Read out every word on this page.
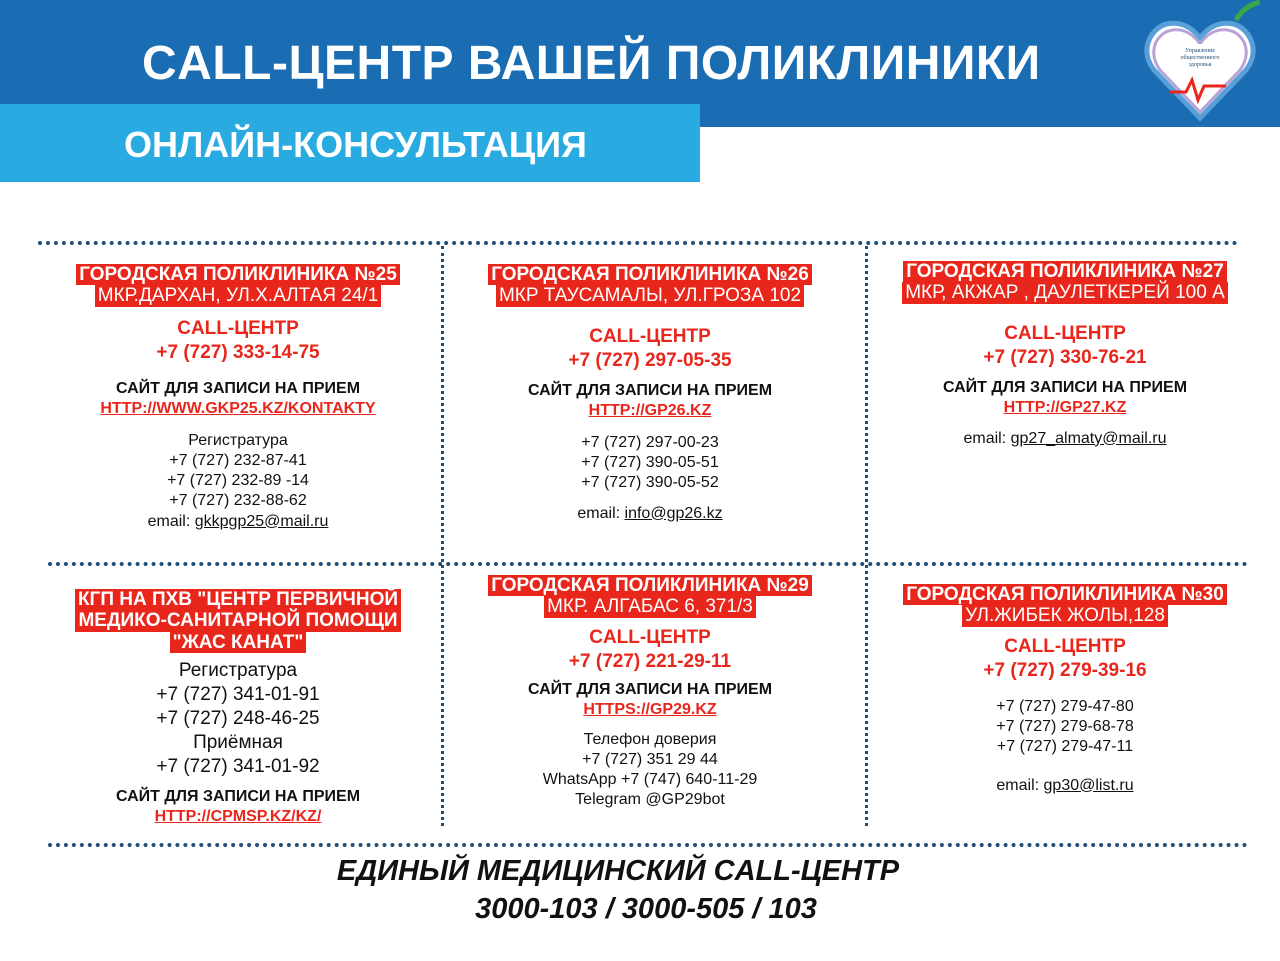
CALL-ЦЕНТР ВАШЕЙ ПОЛИКЛИНИКИ
ОНЛАЙН-КОНСУЛЬТАЦИЯ
Управление
общественного
здоровья
ГОРОДСКАЯ ПОЛИКЛИНИКА №25
МКР.ДАРХАН, УЛ.Х.АЛТАЯ 24/1
CALL-ЦЕНТР
+7 (727) 333-14-75
САЙТ ДЛЯ ЗАПИСИ НА ПРИЕМ
HTTP://WWW.GKP25.KZ/KONTAKTY
Регистратура
+7 (727) 232-87-41
+7 (727) 232-89 -14
+7 (727) 232-88-62
email: gkkpgp25@mail.ru
ГОРОДСКАЯ ПОЛИКЛИНИКА №26
МКР ТАУСАМАЛЫ, УЛ.ГРОЗА 102
CALL-ЦЕНТР
+7 (727) 297-05-35
САЙТ ДЛЯ ЗАПИСИ НА ПРИЕМ
HTTP://GP26.KZ
+7 (727) 297-00-23
+7 (727) 390-05-51
+7 (727) 390-05-52
email: info@gp26.kz
ГОРОДСКАЯ ПОЛИКЛИНИКА №27
МКР, АКЖАР , ДАУЛЕТКЕРЕЙ 100 А
CALL-ЦЕНТР
+7 (727) 330-76-21
САЙТ ДЛЯ ЗАПИСИ НА ПРИЕМ
HTTP://GP27.KZ
email: gp27_almaty@mail.ru
КГП НА ПХВ "ЦЕНТР ПЕРВИЧНОЙ
МЕДИКО-САНИТАРНОЙ ПОМОЩИ
"ЖАС КАНАТ"
Регистратура
+7 (727) 341-01-91
+7 (727) 248-46-25
Приёмная
+7 (727) 341-01-92
САЙТ ДЛЯ ЗАПИСИ НА ПРИЕМ
HTTP://CPMSP.KZ/KZ/
ГОРОДСКАЯ ПОЛИКЛИНИКА №29
МКР. АЛГАБАС 6, 371/3
CALL-ЦЕНТР
+7 (727) 221-29-11
САЙТ ДЛЯ ЗАПИСИ НА ПРИЕМ
HTTPS://GP29.KZ
Телефон доверия
+7 (727) 351 29 44
WhatsApp +7 (747) 640-11-29
Telegram @GP29bot
ГОРОДСКАЯ ПОЛИКЛИНИКА №30
УЛ.ЖИБЕК ЖОЛЫ,128
CALL-ЦЕНТР
+7 (727) 279-39-16
+7 (727) 279-47-80
+7 (727) 279-68-78
+7 (727) 279-47-11
email: gp30@list.ru
ЕДИНЫЙ МЕДИЦИНСКИЙ CALL-ЦЕНТР
3000-103 / 3000-505 / 103
